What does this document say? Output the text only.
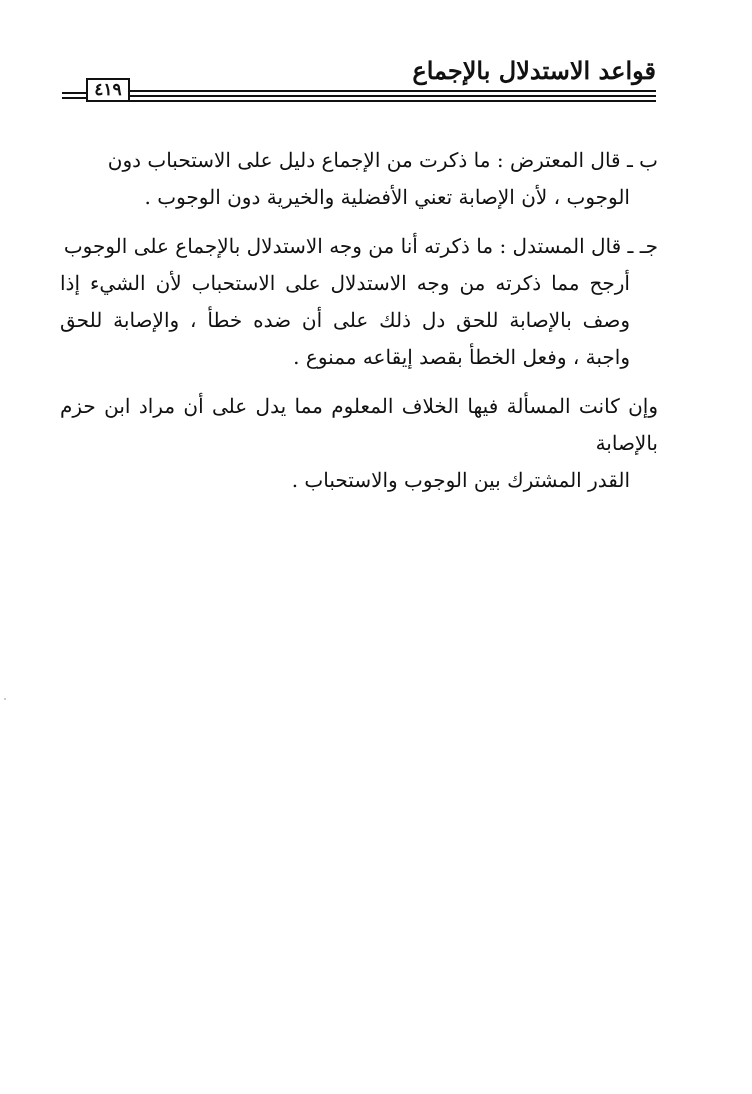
قواعد الاستدلال بالإجماع
٤١٩

ب ـ قال المعترض : ما ذكرت من الإجماع دليل على الاستحباب دون
الوجوب ، لأن الإصابة تعني الأفضلية والخيرية دون الوجوب .

جـ ـ قال المستدل : ما ذكرته أنا من وجه الاستدلال بالإجماع على الوجوب
أرجح مما ذكرته من وجه الاستدلال على الاستحباب لأن الشيء إذا وصف بالإصابة للحق دل ذلك على أن ضده خطأ ، والإصابة للحق واجبة ، وفعل الخطأ بقصد إيقاعه ممنوع .

وإن كانت المسألة فيها الخلاف المعلوم مما يدل على أن مراد ابن حزم بالإصابة
القدر المشترك بين الوجوب والاستحباب .
